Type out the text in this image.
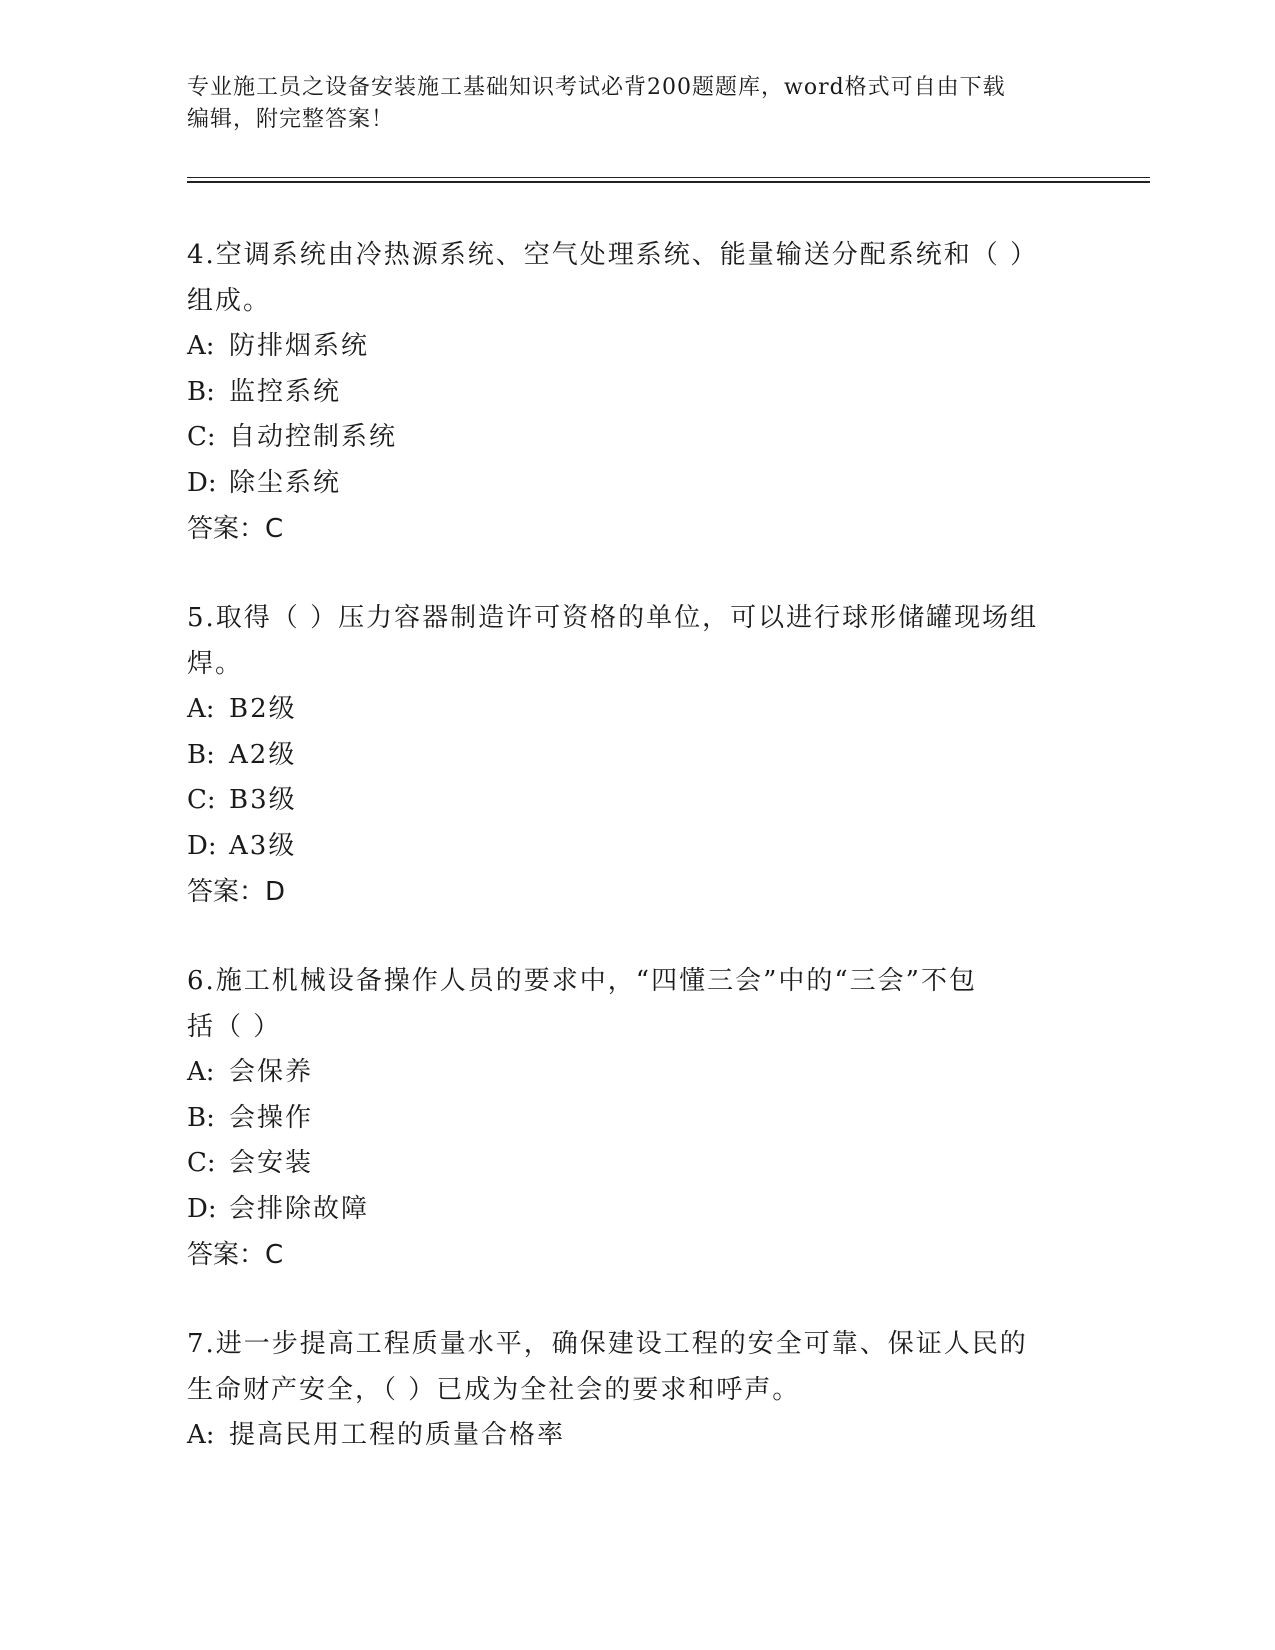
专业施工员之设备安装施工基础知识考试必背200题题库，word格式可自由下载
编辑，附完整答案！
4.空调系统由冷热源系统、空气处理系统、能量输送分配系统和（ ）
组成。
A: 防排烟系统
B: 监控系统
C: 自动控制系统
D: 除尘系统
答案：C
5.取得（ ）压力容器制造许可资格的单位，可以进行球形储罐现场组
焊。
A: B2级
B: A2级
C: B3级
D: A3级
答案：D
6.施工机械设备操作人员的要求中，“四懂三会”中的“三会”不包
括（ ）
A: 会保养
B: 会操作
C: 会安装
D: 会排除故障
答案：C
7.进一步提高工程质量水平，确保建设工程的安全可靠、保证人民的
生命财产安全，（ ）已成为全社会的要求和呼声。
A: 提高民用工程的质量合格率
